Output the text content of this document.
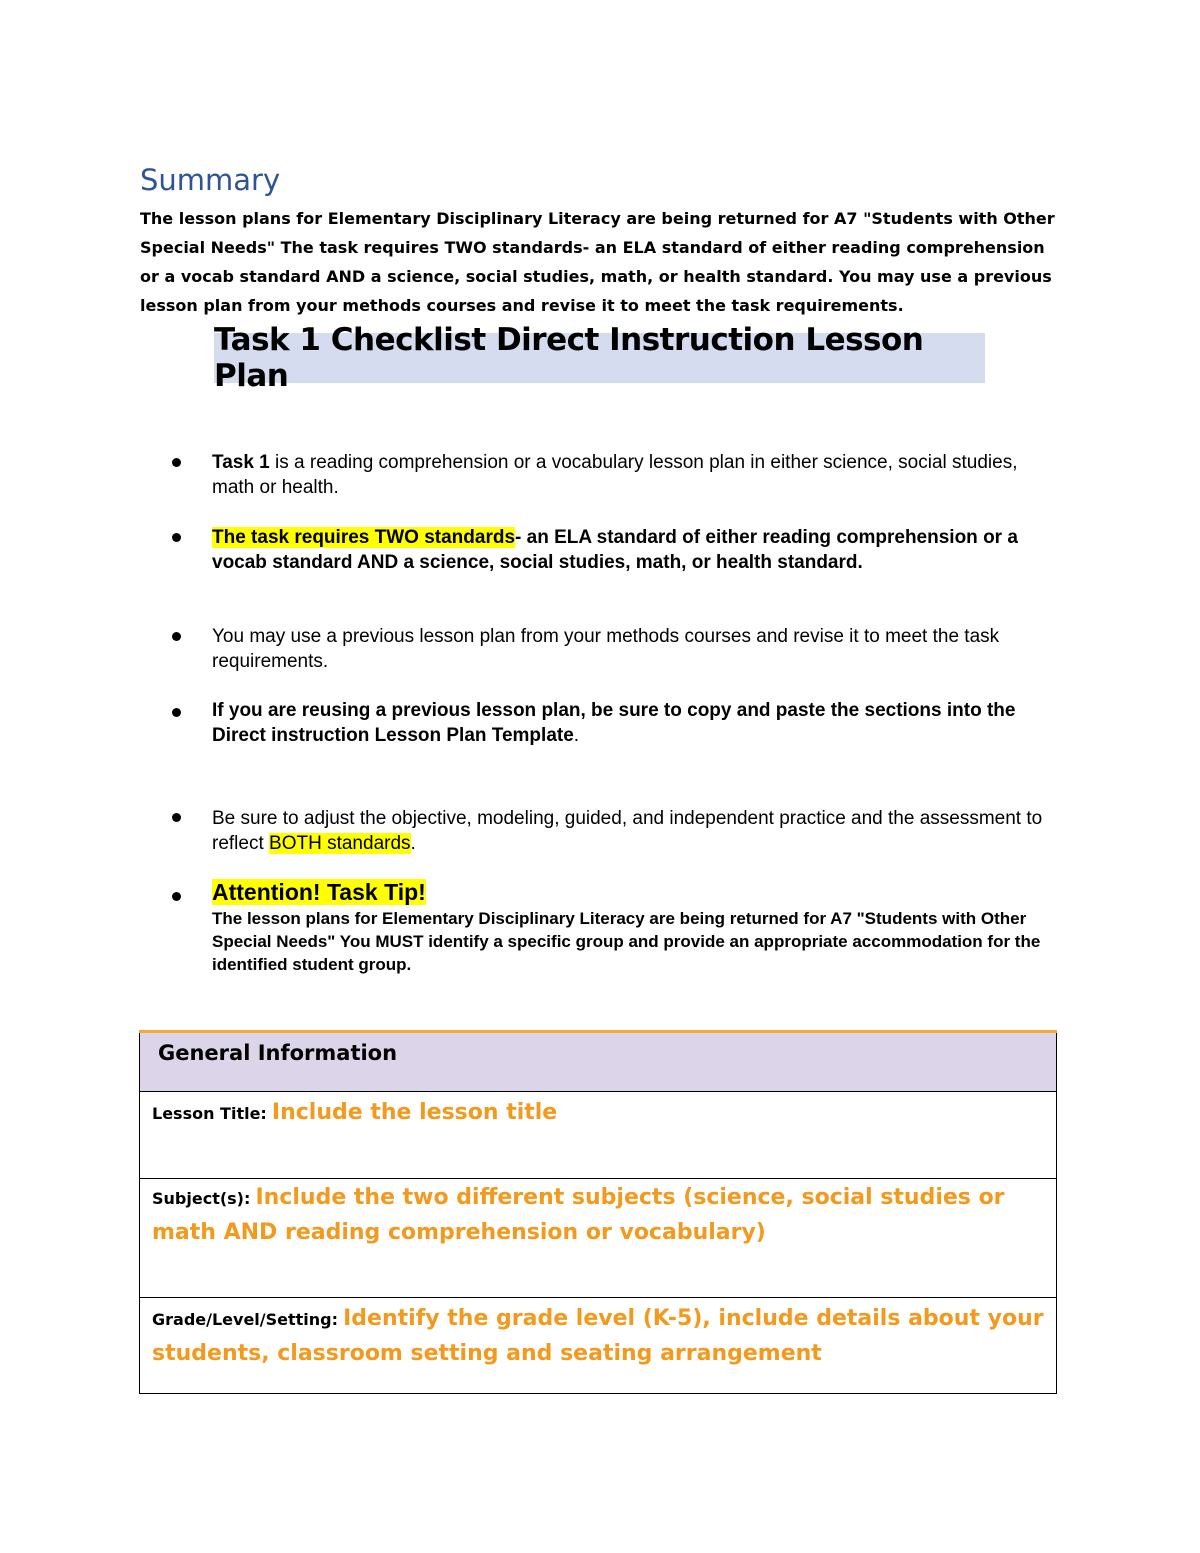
Summary

The lesson plans for Elementary Disciplinary Literacy are being returned for A7 "Students with Other Special Needs" The task requires TWO standards- an ELA standard of either reading comprehension or a vocab standard AND a science, social studies, math, or health standard. You may use a previous lesson plan from your methods courses and revise it to meet the task requirements.

Task 1 Checklist Direct Instruction Lesson Plan
Task 1 is a reading comprehension or a vocabulary lesson plan in either science, social studies, math or health.
The task requires TWO standards- an ELA standard of either reading comprehension or a vocab standard AND a science, social studies, math, or health standard.
You may use a previous lesson plan from your methods courses and revise it to meet the task requirements.
If you are reusing a previous lesson plan, be sure to copy and paste the sections into the Direct instruction Lesson Plan Template.
Be sure to adjust the objective, modeling, guided, and independent practice and the assessment to reflect BOTH standards.
Attention! Task Tip!
The lesson plans for Elementary Disciplinary Literacy are being returned for A7 "Students with Other Special Needs" You MUST identify a specific group and provide an appropriate accommodation for the identified student group.
General Information

Lesson Title: Include the lesson title
Subject(s): Include the two different subjects (science, social studies or math AND reading comprehension or vocabulary)
Grade/Level/Setting: Identify the grade level (K-5), include details about your students, classroom setting and seating arrangement
